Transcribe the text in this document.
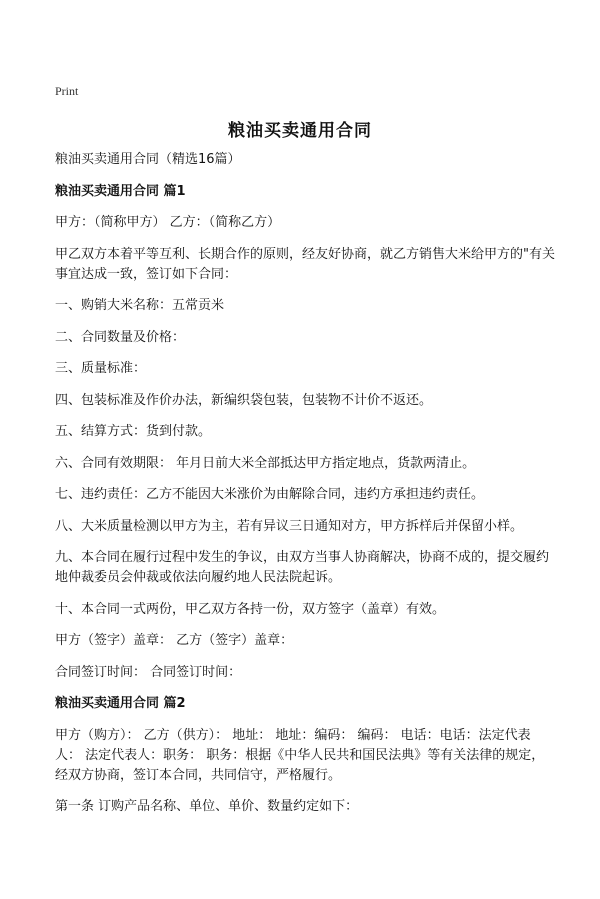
Print
粮油买卖通用合同

粮油买卖通用合同（精选16篇）

粮油买卖通用合同 篇1

甲方：（简称甲方） 乙方：（简称乙方）

甲乙双方本着平等互利、长期合作的原则，经友好协商，就乙方销售大米给甲方的"有关事宜达成一致，签订如下合同：

一、购销大米名称：五常贡米

二、合同数量及价格：

三、质量标准：

四、包装标准及作价办法，新编织袋包装，包装物不计价不返还。

五、结算方式：货到付款。

六、合同有效期限： 年月日前大米全部抵达甲方指定地点，货款两清止。

七、违约责任：乙方不能因大米涨价为由解除合同，违约方承担违约责任。

八、大米质量检测以甲方为主，若有异议三日通知对方，甲方拆样后并保留小样。

九、本合同在履行过程中发生的争议，由双方当事人协商解决，协商不成的，提交履约地仲裁委员会仲裁或依法向履约地人民法院起诉。

十、本合同一式两份，甲乙双方各持一份，双方签字（盖章）有效。

甲方（签字）盖章： 乙方（签字）盖章：

合同签订时间： 合同签订时间：

粮油买卖通用合同 篇2

甲方（购方）： 乙方（供方）： 地址： 地址：编码： 编码： 电话：电话：法定代表人： 法定代表人：职务： 职务：根据《中华人民共和国民法典》等有关法律的规定，经双方协商，签订本合同，共同信守，严格履行。

第一条 订购产品名称、单位、单价、数量约定如下：
